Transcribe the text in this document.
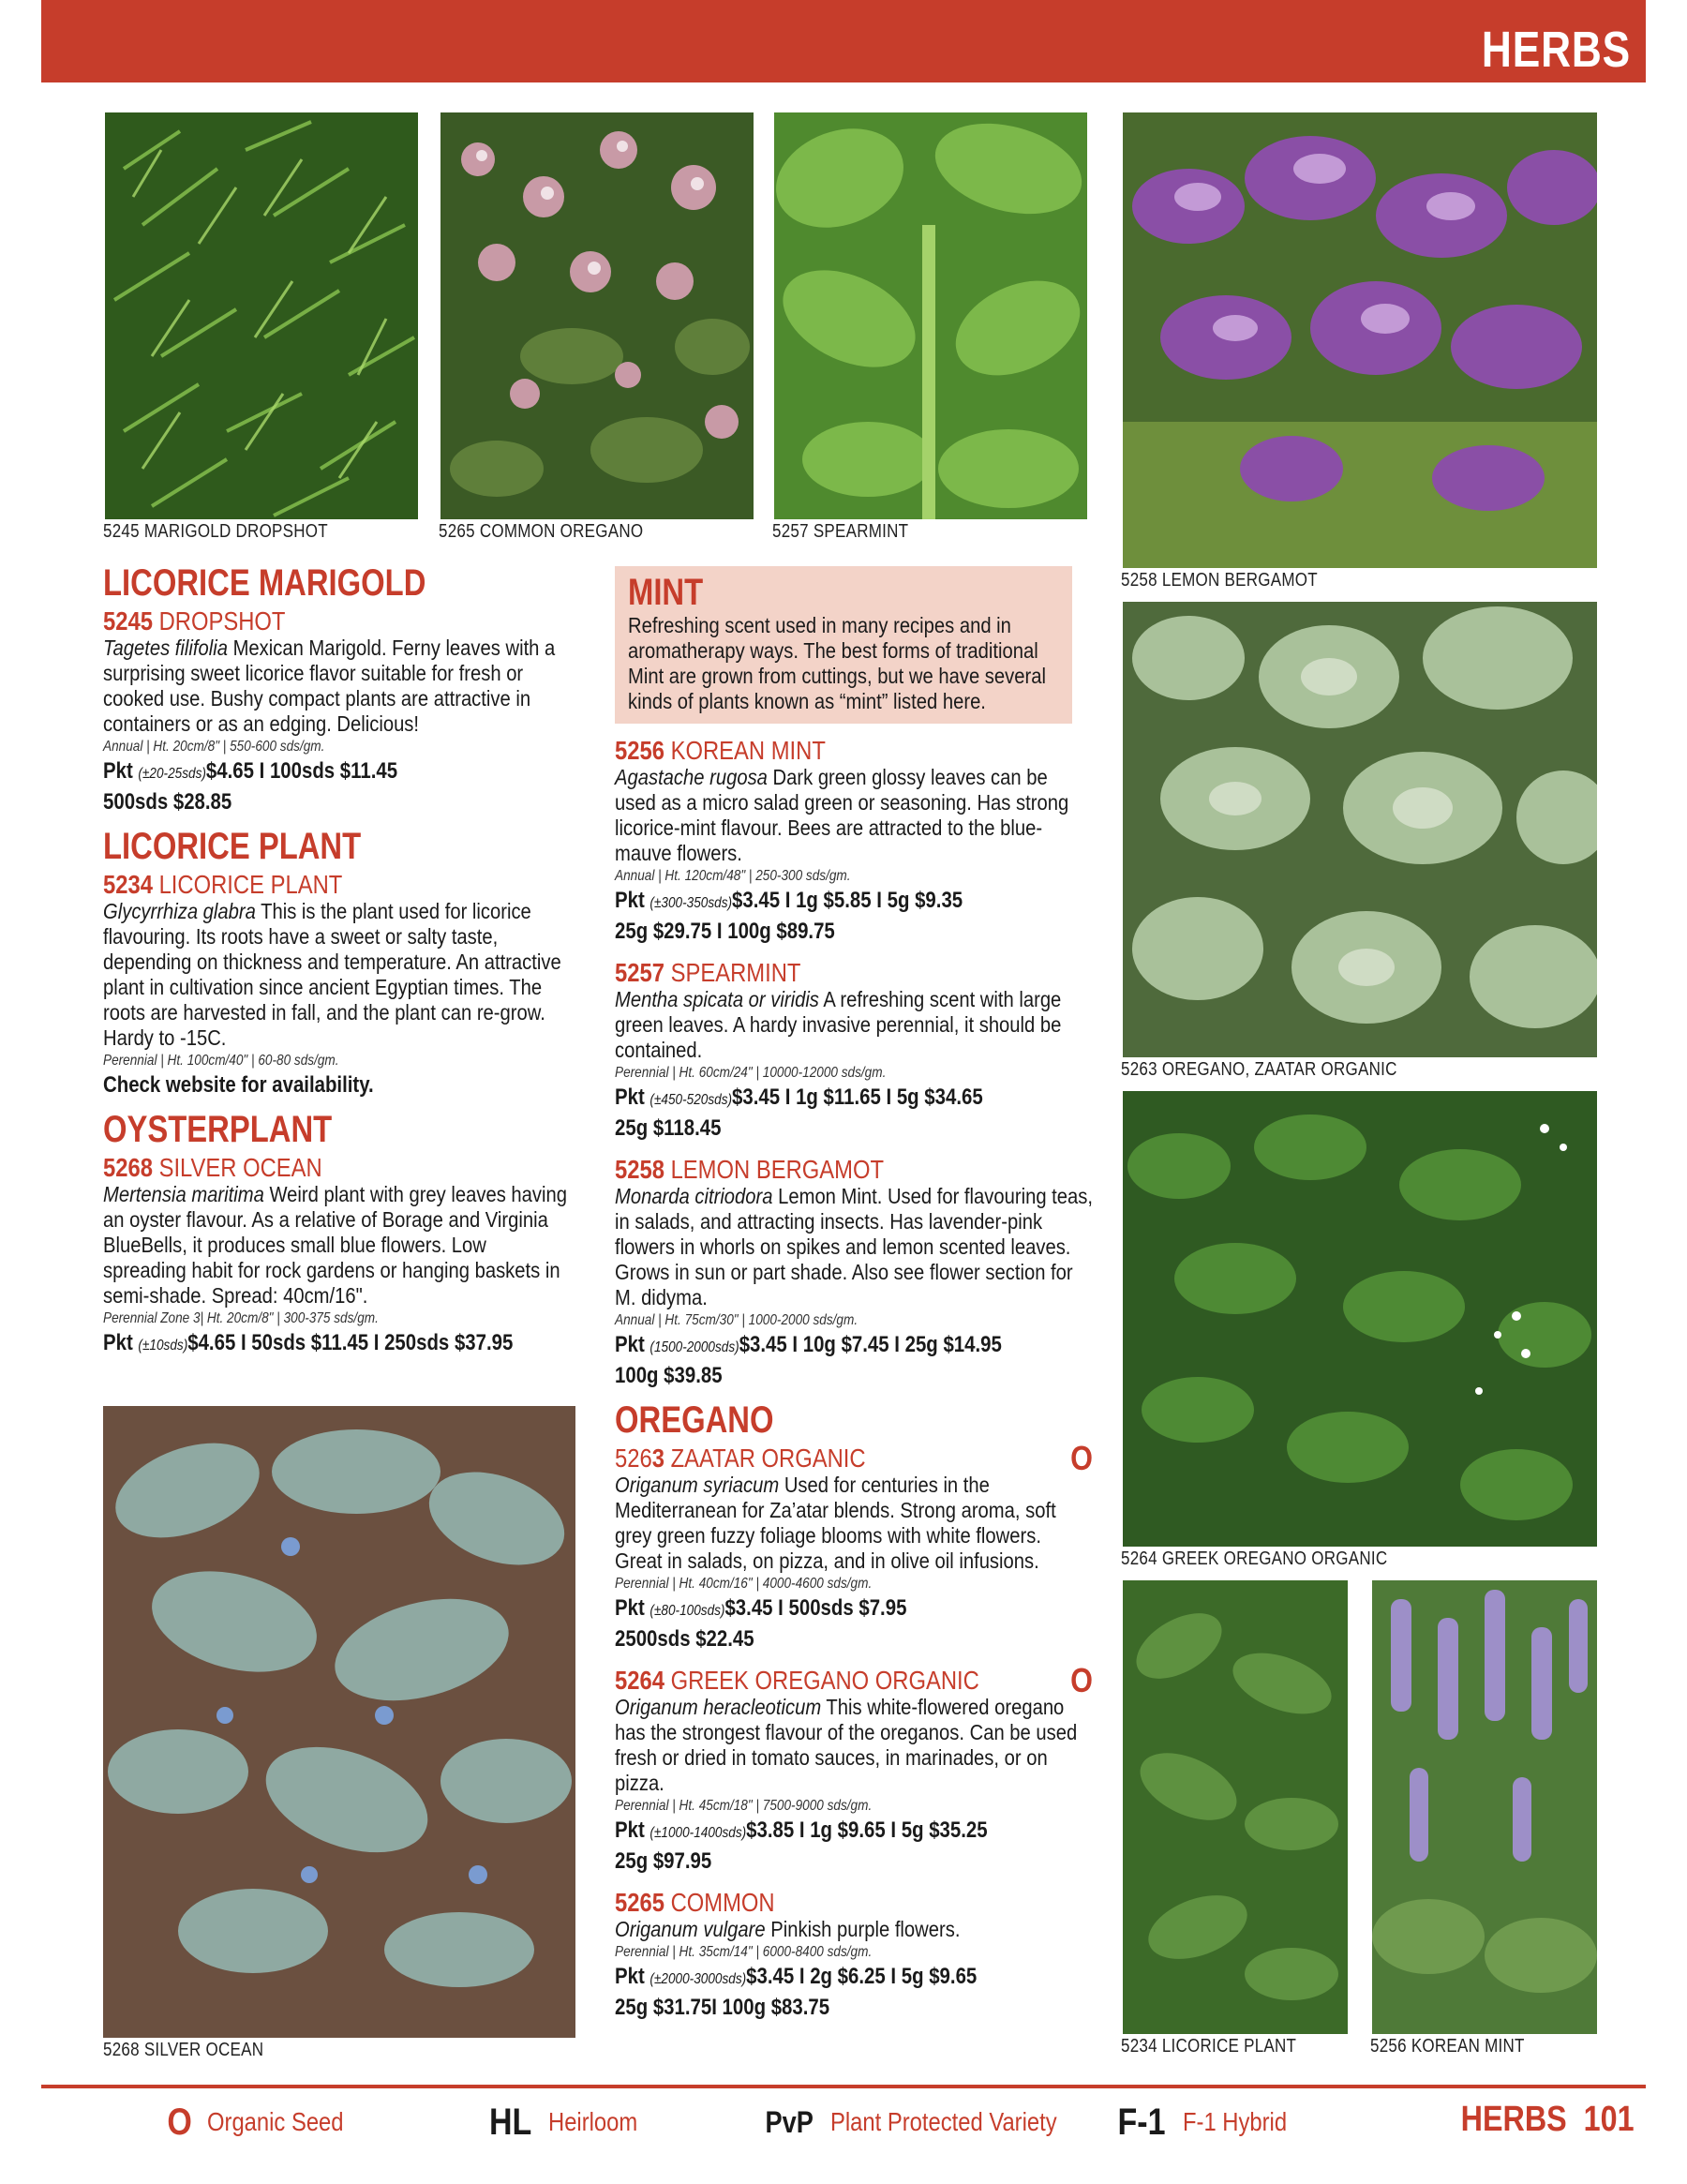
HERBS
5245 MARIGOLD DROPSHOT	5265 COMMON OREGANO	5257 SPEARMINT
5258 LEMON BERGAMOT
5263 OREGANO, ZAATAR ORGANIC
5264 GREEK OREGANO ORGANIC
5234 LICORICE PLANT	5256 KOREAN MINT
5268 SILVER OCEAN
LICORICE MARIGOLD
5245 DROPSHOT
Tagetes filifolia Mexican Marigold. Ferny leaves with a surprising sweet licorice flavor suitable for fresh or cooked use. Bushy compact plants are attractive in containers or as an edging. Delicious!
Annual | Ht. 20cm/8" | 550-600 sds/gm.
Pkt (±20-25sds)$4.65 I 100sds $11.45
500sds $28.85
LICORICE PLANT
5234 LICORICE PLANT
Glycyrrhiza glabra This is the plant used for licorice flavouring. Its roots have a sweet or salty taste, depending on thickness and temperature. An attractive plant in cultivation since ancient Egyptian times. The roots are harvested in fall, and the plant can re-grow. Hardy to -15C.
Perennial | Ht. 100cm/40" | 60-80 sds/gm.
Check website for availability.
OYSTERPLANT
5268 SILVER OCEAN
Mertensia maritima Weird plant with grey leaves having an oyster flavour. As a relative of Borage and Virginia BlueBells, it produces small blue flowers. Low spreading habit for rock gardens or hanging baskets in semi-shade. Spread: 40cm/16".
Perennial Zone 3| Ht. 20cm/8" | 300-375 sds/gm.
Pkt (±10sds)$4.65 I 50sds $11.45 I 250sds $37.95
MINT
Refreshing scent used in many recipes and in aromatherapy ways. The best forms of traditional Mint are grown from cuttings, but we have several kinds of plants known as “mint” listed here.
5256 KOREAN MINT
Agastache rugosa Dark green glossy leaves can be used as a micro salad green or seasoning. Has strong licorice-mint flavour. Bees are attracted to the blue-mauve flowers.
Annual | Ht. 120cm/48" | 250-300 sds/gm.
Pkt (±300-350sds)$3.45 I 1g $5.85 I 5g $9.35
25g $29.75 I 100g $89.75
5257 SPEARMINT
Mentha spicata or viridis A refreshing scent with large green leaves. A hardy invasive perennial, it should be contained.
Perennial | Ht. 60cm/24" | 10000-12000 sds/gm.
Pkt (±450-520sds)$3.45 I 1g $11.65 I 5g $34.65
25g $118.45
5258 LEMON BERGAMOT
Monarda citriodora Lemon Mint. Used for flavouring teas, in salads, and attracting insects. Has lavender-pink flowers in whorls on spikes and lemon scented leaves. Grows in sun or part shade. Also see flower section for M. didyma.
Annual | Ht. 75cm/30" | 1000-2000 sds/gm.
Pkt (1500-2000sds)$3.45 I 10g $7.45 I 25g $14.95
100g $39.85
OREGANO
5263 ZAATAR ORGANIC	O
Origanum syriacum Used for centuries in the Mediterranean for Za’atar blends. Strong aroma, soft grey green fuzzy foliage blooms with white flowers. Great in salads, on pizza, and in olive oil infusions.
Perennial | Ht. 40cm/16" | 4000-4600 sds/gm.
Pkt (±80-100sds)$3.45 I 500sds $7.95
2500sds $22.45
5264 GREEK OREGANO ORGANIC	O
Origanum heracleoticum This white-flowered oregano has the strongest flavour of the oreganos. Can be used fresh or dried in tomato sauces, in marinades, or on pizza.
Perennial | Ht. 45cm/18" | 7500-9000 sds/gm.
Pkt (±1000-1400sds)$3.85 I 1g $9.65 I 5g $35.25
25g $97.95
5265 COMMON
Origanum vulgare Pinkish purple flowers.
Perennial | Ht. 35cm/14" | 6000-8400 sds/gm.
Pkt (±2000-3000sds)$3.45 I 2g $6.25 I 5g $9.65
25g $31.75I 100g $83.75
O Organic Seed	HL Heirloom	PvP Plant Protected Variety F-1 F-1 Hybrid	HERBS 101
